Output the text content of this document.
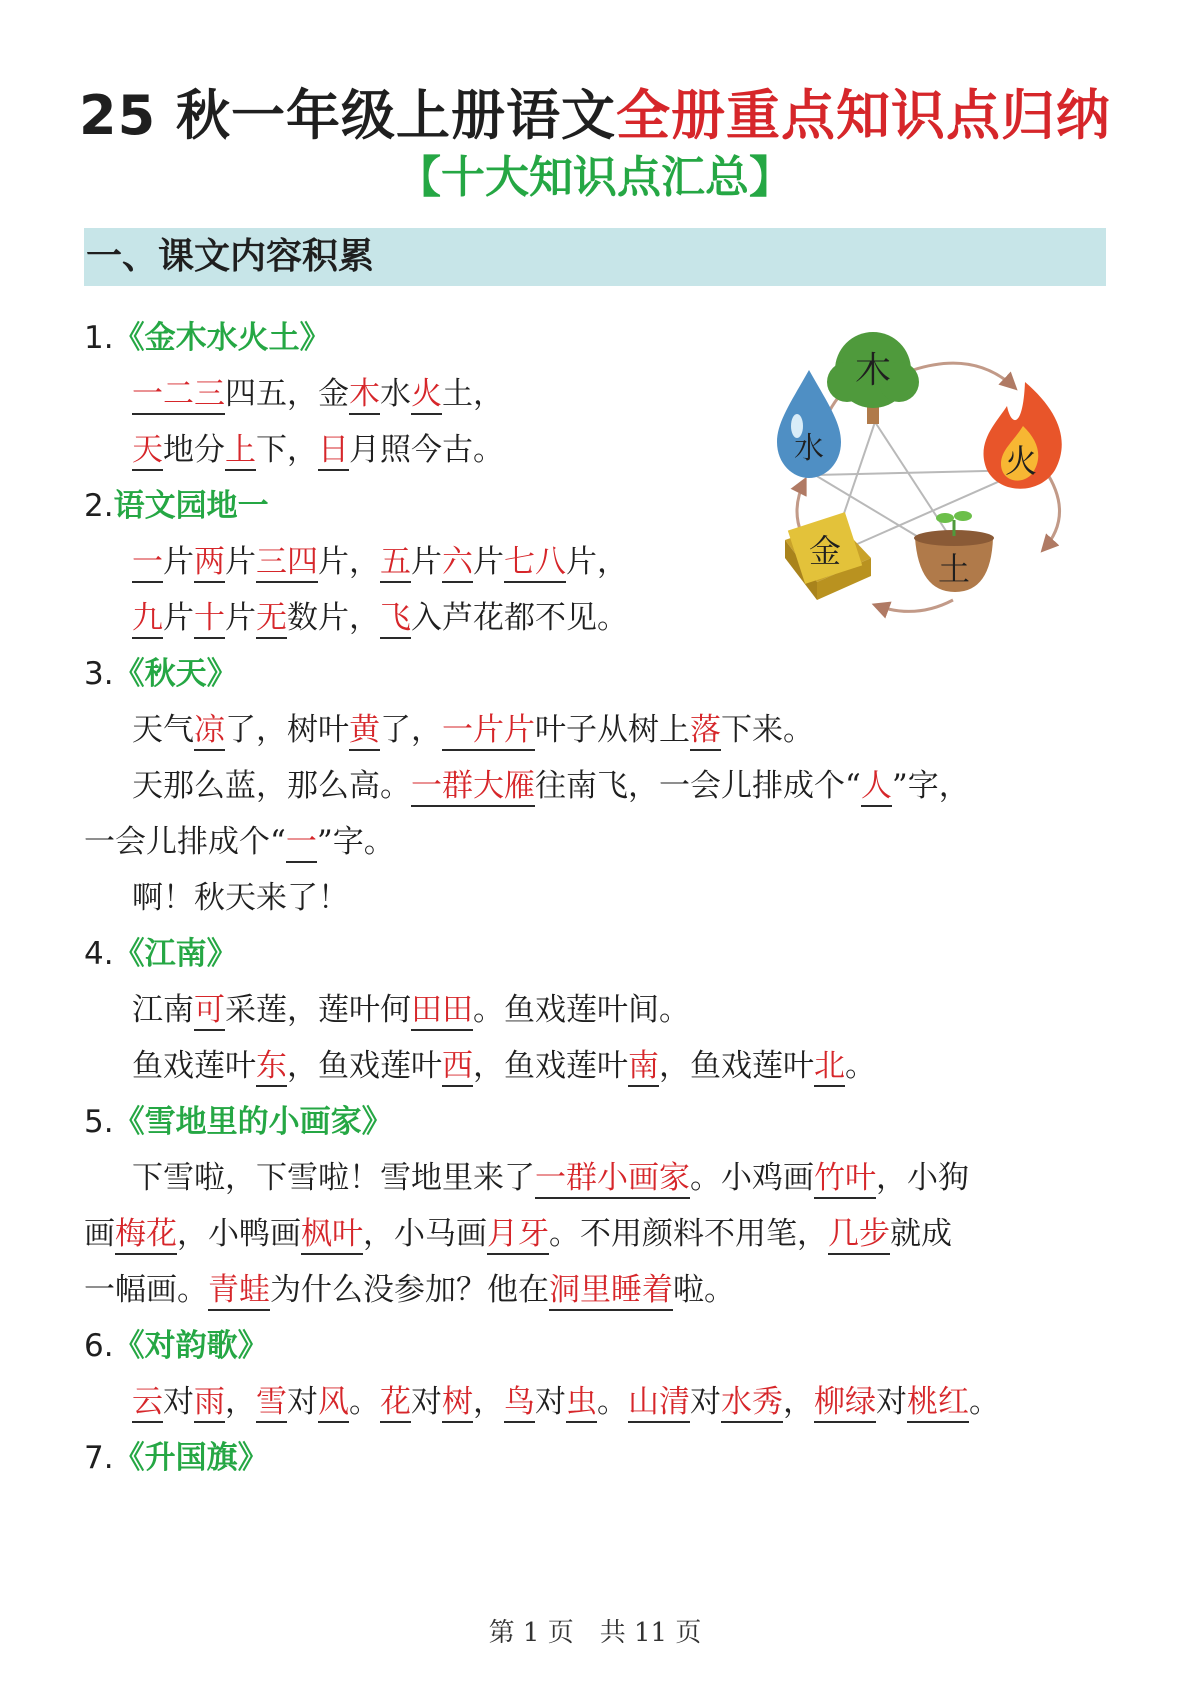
25 秋一年级上册语文全册重点知识点归纳
【十大知识点汇总】
一、课文内容积累
1.《金木水火土》
一二三四五，金木水火土，
天地分上下，日月照今古。
2.语文园地一
一片两片三四片，五片六片七八片，
九片十片无数片，飞入芦花都不见。
3.《秋天》
天气凉了，树叶黄了，一片片叶子从树上落下来。
天那么蓝，那么高。一群大雁往南飞，一会儿排成个“人”字，
一会儿排成个“一”字。
啊！秋天来了！
4.《江南》
江南可采莲，莲叶何田田。鱼戏莲叶间。
鱼戏莲叶东，鱼戏莲叶西，鱼戏莲叶南，鱼戏莲叶北。
5.《雪地里的小画家》
下雪啦，下雪啦！雪地里来了一群小画家。小鸡画竹叶，小狗
画梅花，小鸭画枫叶，小马画月牙。不用颜料不用笔，几步就成
一幅画。青蛙为什么没参加？他在洞里睡着啦。
6.《对韵歌》
云对雨，雪对风。花对树，鸟对虫。山清对水秀，柳绿对桃红。
7.《升国旗》
木
火
土
金
水
第 1 页　共 11 页
